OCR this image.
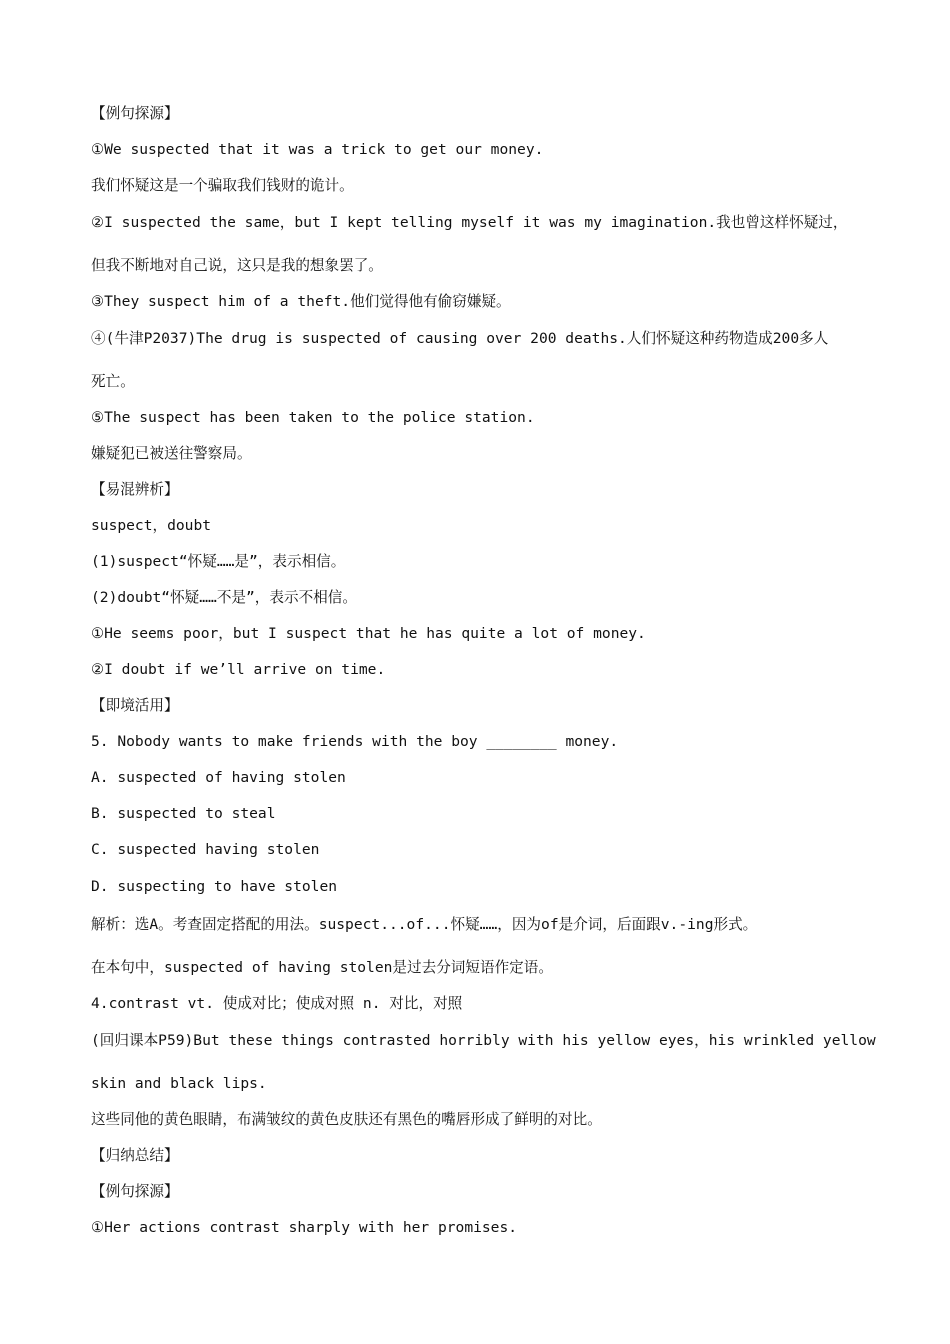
【例句探源】
①We suspected that it was a trick to get our money.
我们怀疑这是一个骗取我们钱财的诡计。
②I suspected the same，but I kept telling myself it was my imagination.我也曾这样怀疑过，
但我不断地对自己说，这只是我的想象罢了。
③They suspect him of a theft.他们觉得他有偷窃嫌疑。
④(牛津P2037)The drug is suspected of causing over 200 deaths.人们怀疑这种药物造成200多人
死亡。
⑤The suspect has been taken to the police station.
嫌疑犯已被送往警察局。
【易混辨析】
suspect，doubt
(1)suspect“怀疑……是”，表示相信。
(2)doubt“怀疑……不是”，表示不相信。
①He seems poor，but I suspect that he has quite a lot of money.
②I doubt if we’ll arrive on time.
【即境活用】
5. Nobody wants to make friends with the boy ________ money.
A. suspected of having stolen
B. suspected to steal
C. suspected having stolen
D. suspecting to have stolen
解析：选A。考查固定搭配的用法。suspect...of...怀疑……，因为of是介词，后面跟v.-ing形式。
在本句中，suspected of having stolen是过去分词短语作定语。
4.contrast vt. 使成对比；使成对照 n. 对比，对照
(回归课本P59)But these things contrasted horribly with his yellow eyes，his wrinkled yellow
skin and black lips.
这些同他的黄色眼睛，布满皱纹的黄色皮肤还有黑色的嘴唇形成了鲜明的对比。
【归纳总结】
【例句探源】
①Her actions contrast sharply with her promises.
